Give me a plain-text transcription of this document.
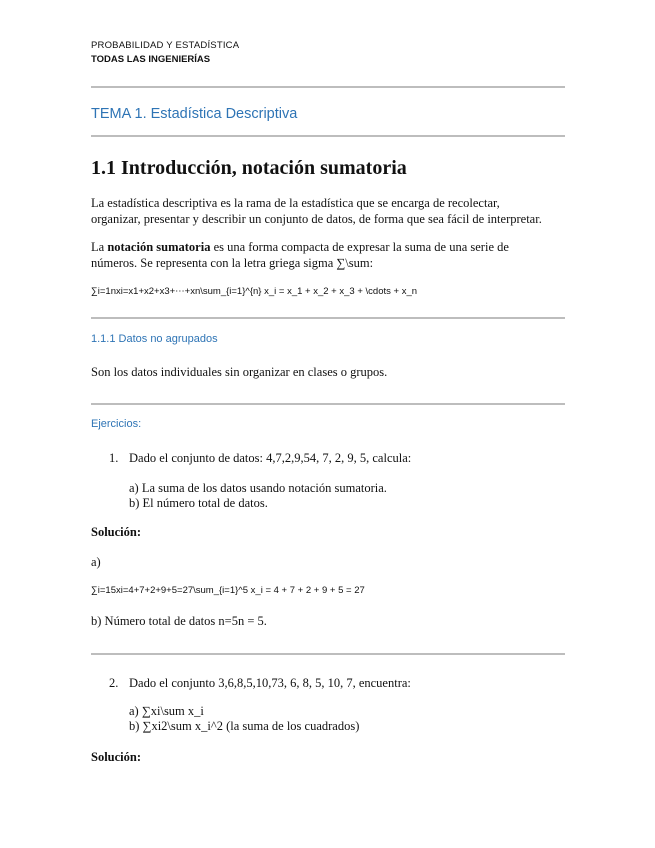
PROBABILIDAD Y ESTADÍSTICA
TODAS LAS INGENIERÍAS
TEMA 1. Estadística Descriptiva
1.1 Introducción, notación sumatoria
La estadística descriptiva es la rama de la estadística que se encarga de recolectar,
organizar, presentar y describir un conjunto de datos, de forma que sea fácil de interpretar.
La notación sumatoria es una forma compacta de expresar la suma de una serie de
números. Se representa con la letra griega sigma ∑\sum:
∑i=1nxi=x1+x2+x3+⋯+xn\sum_{i=1}^{n} x_i = x_1 + x_2 + x_3 + \cdots + x_n
1.1.1 Datos no agrupados
Son los datos individuales sin organizar en clases o grupos.
Ejercicios:
1. Dado el conjunto de datos: 4,7,2,9,54, 7, 2, 9, 5, calcula:
a) La suma de los datos usando notación sumatoria.
b) El número total de datos.
Solución:
a)
∑i=15xi=4+7+2+9+5=27\sum_{i=1}^5 x_i = 4 + 7 + 2 + 9 + 5 = 27
b) Número total de datos n=5n = 5.
2. Dado el conjunto 3,6,8,5,10,73, 6, 8, 5, 10, 7, encuentra:
a) ∑xi\sum x_i
b) ∑xi2\sum x_i^2 (la suma de los cuadrados)
Solución:
